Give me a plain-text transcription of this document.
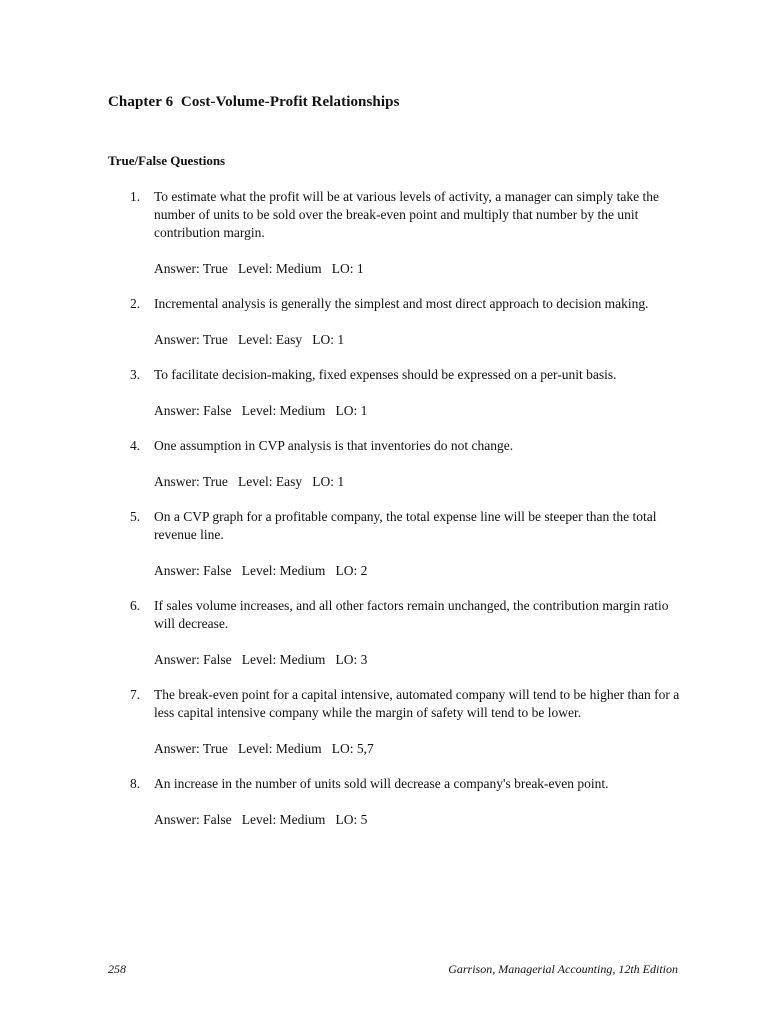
Chapter 6  Cost-Volume-Profit Relationships
True/False Questions
1. To estimate what the profit will be at various levels of activity, a manager can simply take the number of units to be sold over the break-even point and multiply that number by the unit contribution margin.
Answer: True   Level: Medium   LO: 1
2. Incremental analysis is generally the simplest and most direct approach to decision making.
Answer: True   Level: Easy   LO: 1
3. To facilitate decision-making, fixed expenses should be expressed on a per-unit basis.
Answer: False   Level: Medium   LO: 1
4. One assumption in CVP analysis is that inventories do not change.
Answer: True   Level: Easy   LO: 1
5. On a CVP graph for a profitable company, the total expense line will be steeper than the total revenue line.
Answer: False   Level: Medium   LO: 2
6. If sales volume increases, and all other factors remain unchanged, the contribution margin ratio will decrease.
Answer: False   Level: Medium   LO: 3
7. The break-even point for a capital intensive, automated company will tend to be higher than for a less capital intensive company while the margin of safety will tend to be lower.
Answer: True   Level: Medium   LO: 5,7
8. An increase in the number of units sold will decrease a company's break-even point.
Answer: False   Level: Medium   LO: 5
258	Garrison, Managerial Accounting, 12th Edition
